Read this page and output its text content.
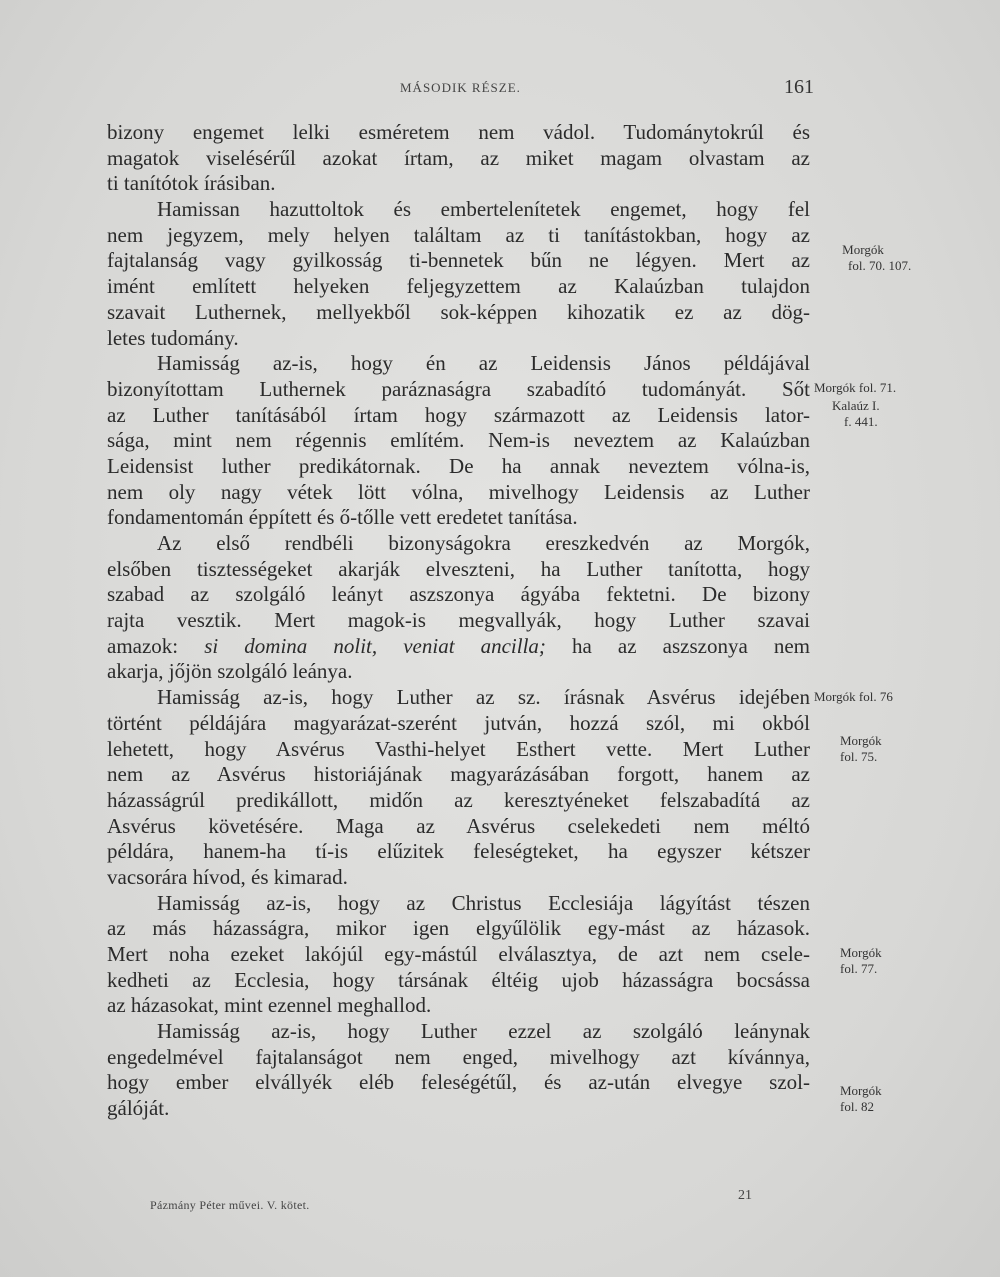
MÁSODIK RÉSZE.	161
bizony engemet lelki esméretem nem vádol. Tudománytokrúl és
magatok viselésérűl azokat írtam, az miket magam olvastam az
ti tanítótok írásiban.
Hamissan hazuttoltok és embertelenítetek engemet, hogy fel
nem jegyzem, mely helyen találtam az ti tanítástokban, hogy az
fajtalanság vagy gyilkosság ti-bennetek bűn ne légyen. Mert az
imént említett helyeken feljegyzettem az Kalaúzban tulajdon
szavait Luthernek, mellyekből sok-képpen kihozatik ez az dög-
letes tudomány.
Hamisság az-is, hogy én az Leidensis János példájával
bizonyítottam Luthernek paráznaságra szabadító tudományát. Sőt
az Luther tanításából írtam hogy származott az Leidensis lator-
sága, mint nem régennis említém. Nem-is neveztem az Kalaúzban
Leidensist luther predikátornak. De ha annak neveztem vólna-is,
nem oly nagy vétek lött vólna, mivelhogy Leidensis az Luther
fondamentomán éppített és ő-tőlle vett eredetet tanítása.
Az első rendbéli bizonyságokra ereszkedvén az Morgók,
elsőben tisztességeket akarják elveszteni, ha Luther tanította, hogy
szabad az szolgáló leányt aszszonya ágyába fektetni. De bizony
rajta vesztik. Mert magok-is megvallyák, hogy Luther szavai
amazok: si domina nolit, veniat ancilla; ha az aszszonya nem
akarja, jőjön szolgáló leánya.
Hamisság az-is, hogy Luther az sz. írásnak Asvérus idejében
történt példájára magyarázat-szerént jutván, hozzá szól, mi okból
lehetett, hogy Asvérus Vasthi-helyet Esthert vette. Mert Luther
nem az Asvérus historiájának magyarázásában forgott, hanem az
házasságrúl predikállott, midőn az keresztyéneket felszabadítá az
Asvérus követésére. Maga az Asvérus cselekedeti nem méltó
példára, hanem-ha tí-is elűzitek feleségteket, ha egyszer kétszer
vacsorára hívod, és kimarad.
Hamisság az-is, hogy az Christus Ecclesiája lágyítást tészen
az más házasságra, mikor igen elgyűlölik egy-mást az házasok.
Mert noha ezeket lakójúl egy-mástúl elválasztya, de azt nem csele-
kedheti az Ecclesia, hogy társának éltéig ujob házasságra bocsássa
az házasokat, mint ezennel meghallod.
Hamisság az-is, hogy Luther ezzel az szolgáló leánynak
engedelmével fajtalanságot nem enged, mivelhogy azt kívánnya,
hogy ember elvállyék eléb feleségétűl, és az-után elvegye szol-
gálóját.
Morgók
fol. 70. 107.
Morgók fol. 71.
Kalaúz I.
f. 441.
Morgók fol. 76
Morgók
fol. 75.
Morgók
fol. 77.
Morgók
fol. 82
Pázmány Péter művei. V. kötet.
21
